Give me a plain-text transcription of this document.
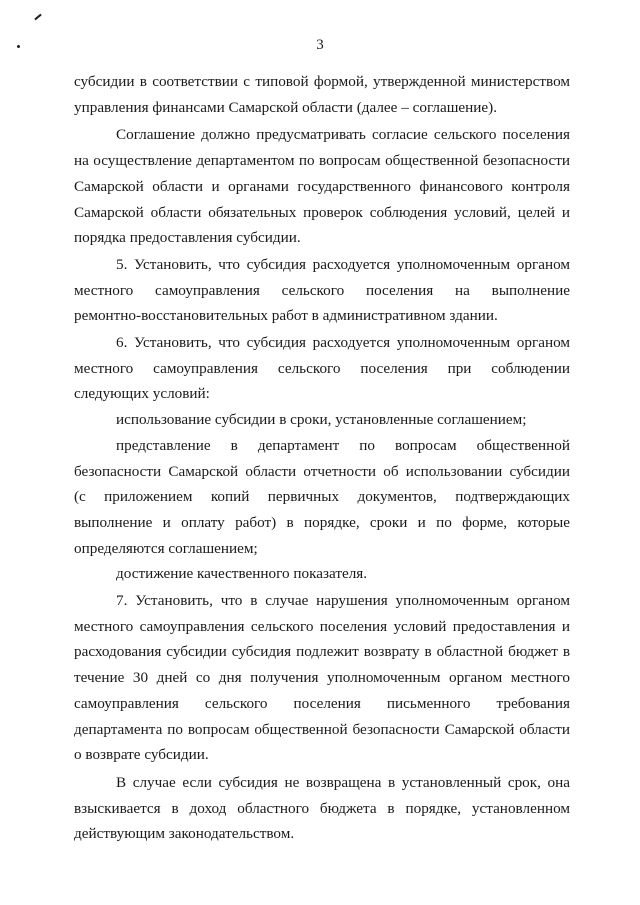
3

субсидии в соответствии с типовой формой, утвержденной министерством
управления финансами Самарской области (далее – соглашение).

Соглашение должно предусматривать согласие сельского поселения
на осуществление департаментом по вопросам общественной безопасности
Самарской области и органами государственного финансового контроля
Самарской области обязательных проверок соблюдения условий, целей и
порядка предоставления субсидии.

5. Установить, что субсидия расходуется уполномоченным органом
местного самоуправления сельского поселения на выполнение
ремонтно-восстановительных работ в административном здании.

6. Установить, что субсидия расходуется уполномоченным органом
местного самоуправления сельского поселения при соблюдении
следующих условий:

использование субсидии в сроки, установленные соглашением;

представление в департамент по вопросам общественной
безопасности Самарской области отчетности об использовании субсидии
(с приложением копий первичных документов, подтверждающих
выполнение и оплату работ) в порядке, сроки и по форме, которые
определяются соглашением;

достижение качественного показателя.

7. Установить, что в случае нарушения уполномоченным органом
местного самоуправления сельского поселения условий предоставления и
расходования субсидии субсидия подлежит возврату в областной бюджет в
течение 30 дней со дня получения уполномоченным органом местного
самоуправления сельского поселения письменного требования
департамента по вопросам общественной безопасности Самарской области
о возврате субсидии.

В случае если субсидия не возвращена в установленный срок, она
взыскивается в доход областного бюджета в порядке, установленном
действующим законодательством.
